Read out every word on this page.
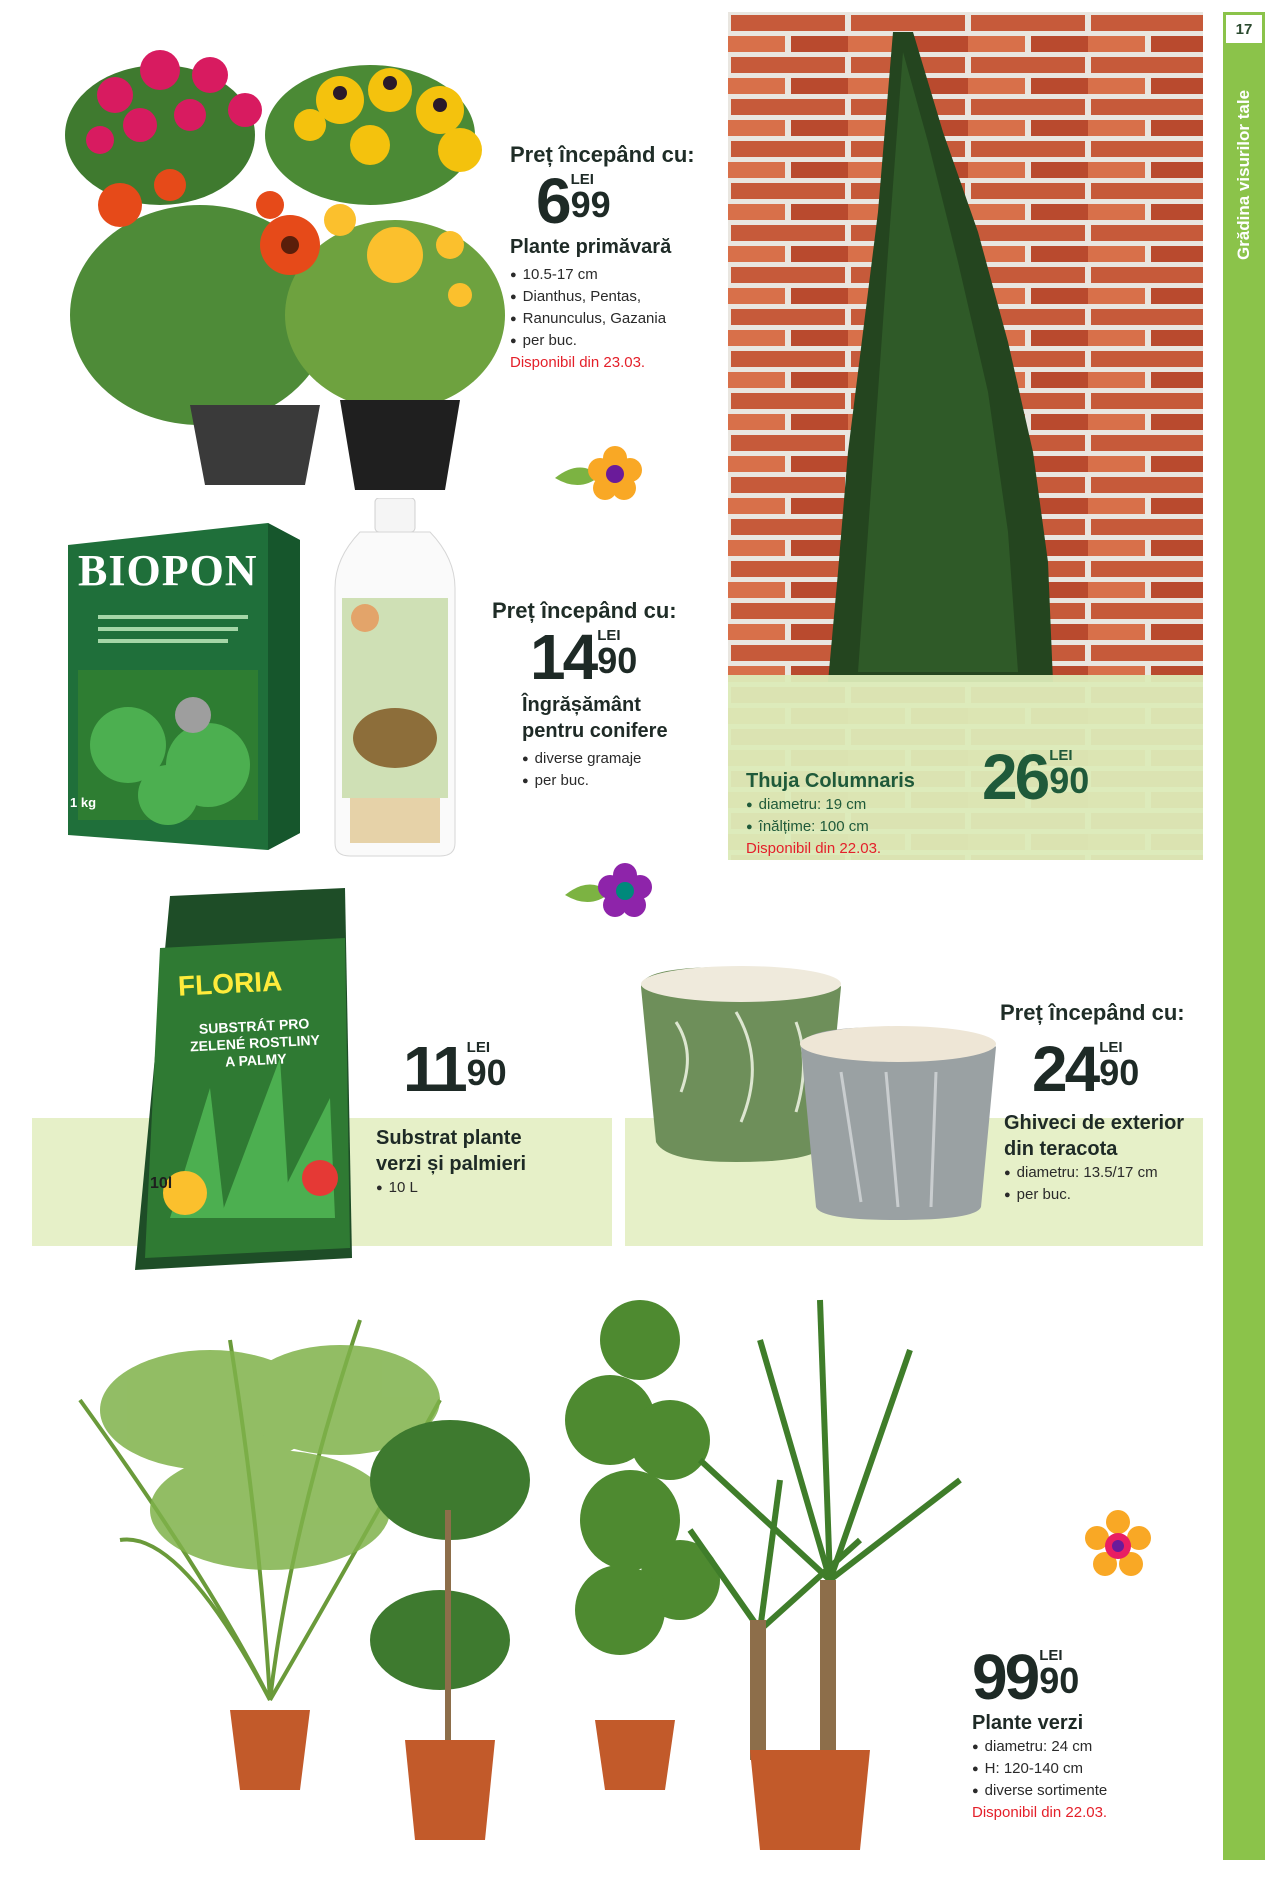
17
Grădina visurilor tale
Preț începând cu:
6 LEI
99
Plante primăvară
● 10.5-17 cm
● Dianthus, Pentas,
● Ranunculus, Gazania
● per buc.
Disponibil din 23.03.
BIOPON
1 kg
Preț începând cu:
14 LEI
90
Îngrășământ
pentru conifere
● diverse gramaje
● per buc.	Thuja Columnaris
● diametru: 19 cm
● înălțime: 100 cm
Disponibil din 22.03.
26 LEI
90
FLORIA
SUBSTRÁT PRO
ZELENÉ ROSTLINY
A PALMY
10l
11 LEI
90
Substrat plante
verzi și palmieri
● 10 L
Preț începând cu:
24 LEI
90
Ghiveci de exterior
din teracota
● diametru: 13.5/17 cm
● per buc.
99 LEI
90
Plante verzi
● diametru: 24 cm
● H: 120-140 cm
● diverse sortimente
Disponibil din 22.03.
